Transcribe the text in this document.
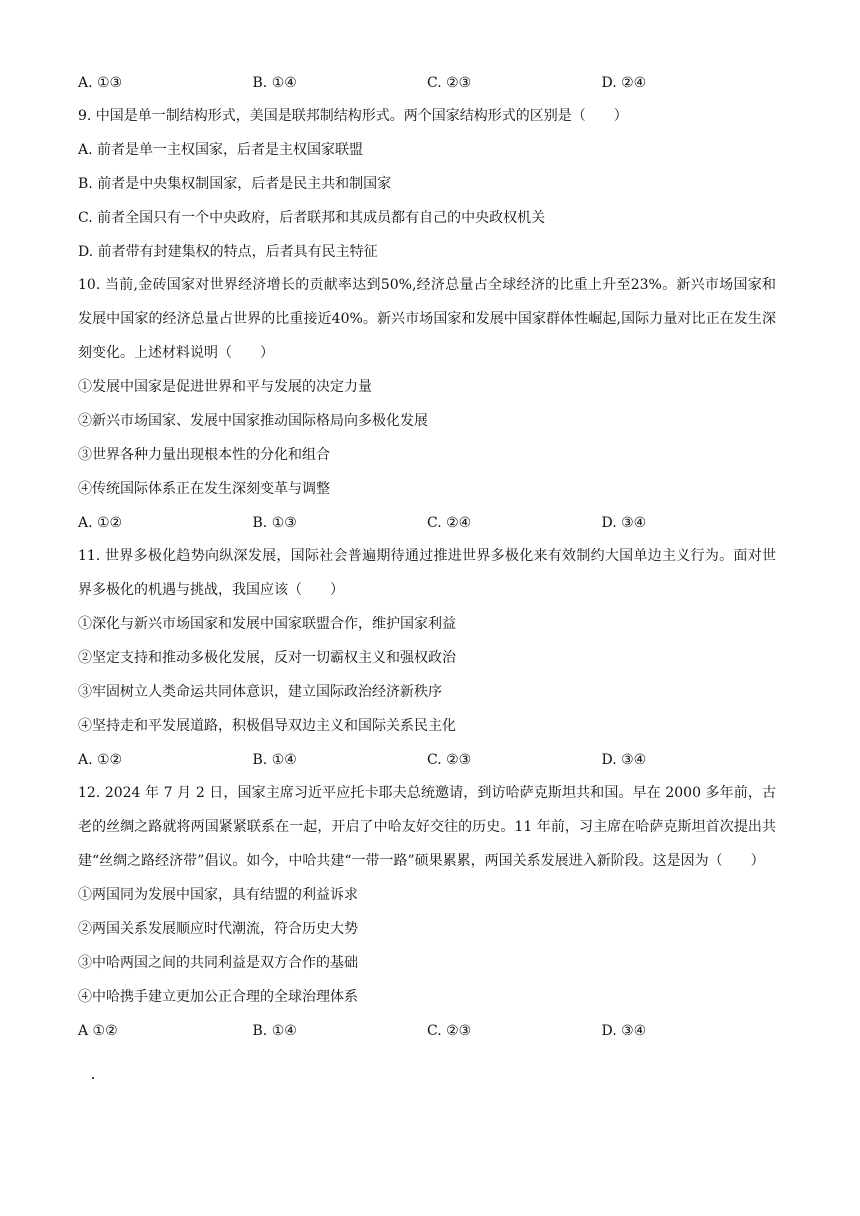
A. ①③	B. ①④	C. ②③	D. ②④
9. 中国是单一制结构形式，美国是联邦制结构形式。两个国家结构形式的区别是（　　）
A. 前者是单一主权国家，后者是主权国家联盟
B. 前者是中央集权制国家，后者是民主共和制国家
C. 前者全国只有一个中央政府，后者联邦和其成员都有自己的中央政权机关
D. 前者带有封建集权的特点，后者具有民主特征
10. 当前,金砖国家对世界经济增长的贡献率达到50%,经济总量占全球经济的比重上升至23%。新兴市场国家和发展中国家的经济总量占世界的比重接近40%。新兴市场国家和发展中国家群体性崛起,国际力量对比正在发生深刻变化。上述材料说明（　　）
①发展中国家是促进世界和平与发展的决定力量
②新兴市场国家、发展中国家推动国际格局向多极化发展
③世界各种力量出现根本性的分化和组合
④传统国际体系正在发生深刻变革与调整
A. ①②	B. ①③	C. ②④	D. ③④
11. 世界多极化趋势向纵深发展，国际社会普遍期待通过推进世界多极化来有效制约大国单边主义行为。面对世界多极化的机遇与挑战，我国应该（　　）
①深化与新兴市场国家和发展中国家联盟合作，维护国家利益
②坚定支持和推动多极化发展，反对一切霸权主义和强权政治
③牢固树立人类命运共同体意识，建立国际政治经济新秩序
④坚持走和平发展道路，积极倡导双边主义和国际关系民主化
A. ①②	B. ①④	C. ②③	D. ③④
12. 2024 年 7 月 2 日，国家主席习近平应托卡耶夫总统邀请，到访哈萨克斯坦共和国。早在 2000 多年前，古老的丝绸之路就将两国紧紧联系在一起，开启了中哈友好交往的历史。11 年前，习主席在哈萨克斯坦首次提出共建“丝绸之路经济带”倡议。如今，中哈共建“一带一路”硕果累累，两国关系发展进入新阶段。这是因为（　　）
①两国同为发展中国家，具有结盟的利益诉求
②两国关系发展顺应时代潮流，符合历史大势
③中哈两国之间的共同利益是双方合作的基础
④中哈携手建立更加公正合理的全球治理体系
A ①②	B. ①④	C. ②③	D. ③④
